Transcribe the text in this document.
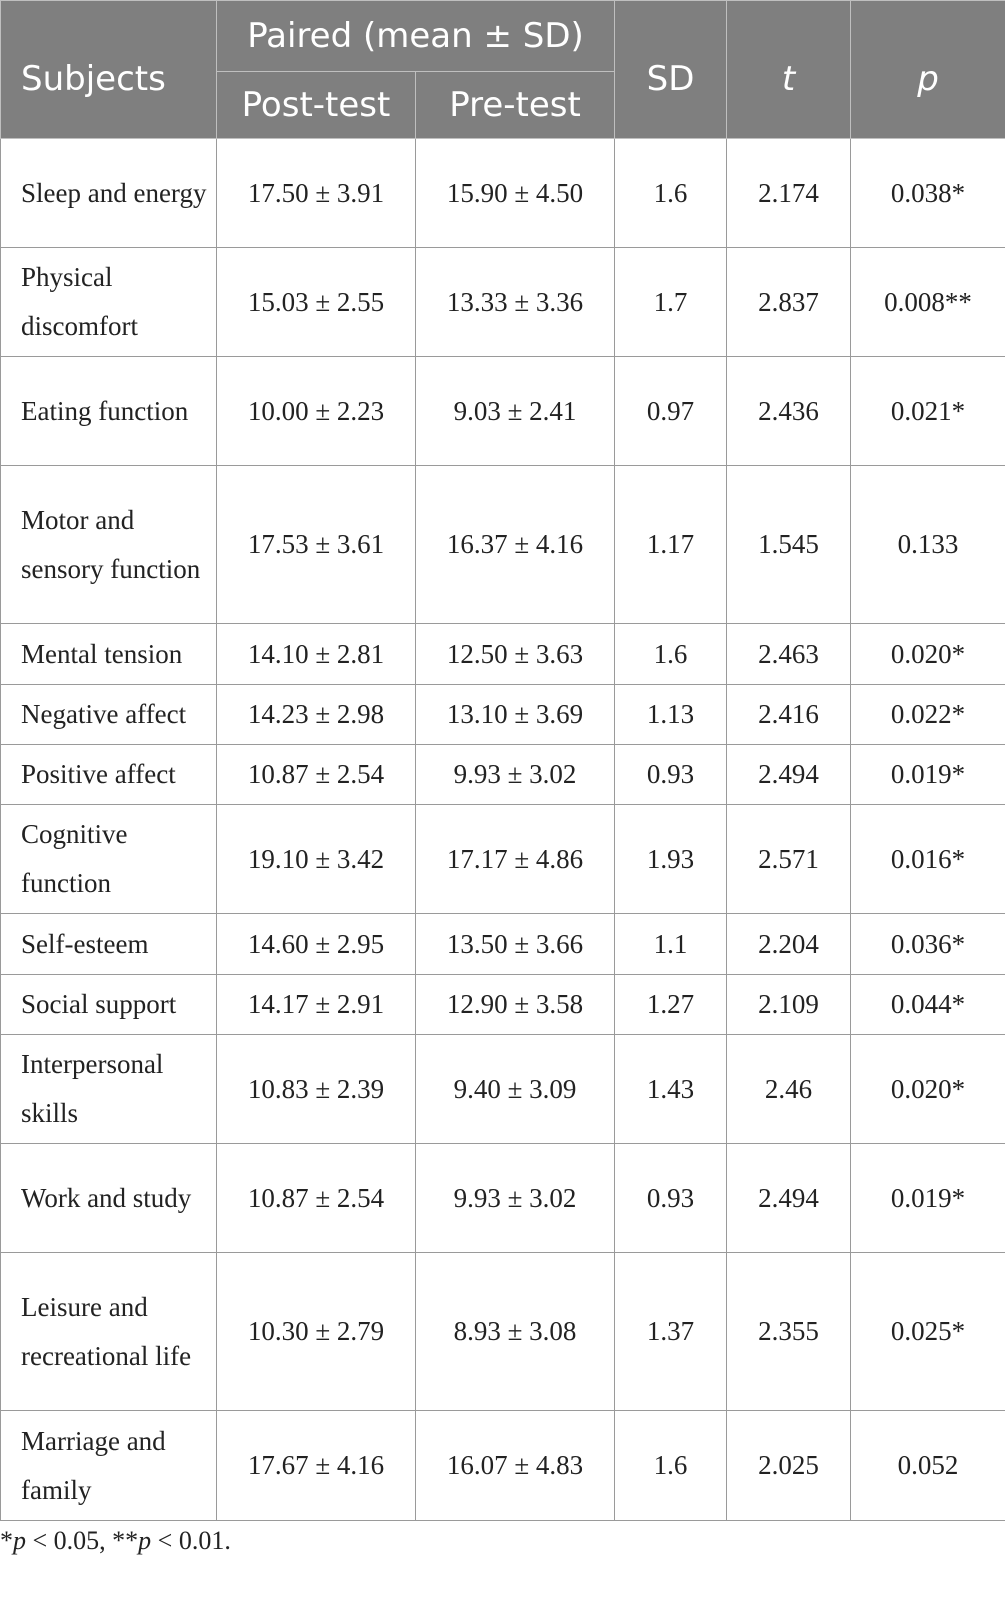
Subjects	Paired (mean ± SD)		SD	t	p
	Post-test	Pre-test			
Sleep and energy	17.50 ± 3.91	15.90 ± 4.50	1.6	2.174	0.038*
Physical discomfort	15.03 ± 2.55	13.33 ± 3.36	1.7	2.837	0.008**
Eating function	10.00 ± 2.23	9.03 ± 2.41	0.97	2.436	0.021*
Motor and sensory function	17.53 ± 3.61	16.37 ± 4.16	1.17	1.545	0.133
Mental tension	14.10 ± 2.81	12.50 ± 3.63	1.6	2.463	0.020*
Negative affect	14.23 ± 2.98	13.10 ± 3.69	1.13	2.416	0.022*
Positive affect	10.87 ± 2.54	9.93 ± 3.02	0.93	2.494	0.019*
Cognitive function	19.10 ± 3.42	17.17 ± 4.86	1.93	2.571	0.016*
Self-esteem	14.60 ± 2.95	13.50 ± 3.66	1.1	2.204	0.036*
Social support	14.17 ± 2.91	12.90 ± 3.58	1.27	2.109	0.044*
Interpersonal skills	10.83 ± 2.39	9.40 ± 3.09	1.43	2.46	0.020*
Work and study	10.87 ± 2.54	9.93 ± 3.02	0.93	2.494	0.019*
Leisure and recreational life	10.30 ± 2.79	8.93 ± 3.08	1.37	2.355	0.025*
Marriage and family	17.67 ± 4.16	16.07 ± 4.83	1.6	2.025	0.052
*p < 0.05, **p < 0.01.
